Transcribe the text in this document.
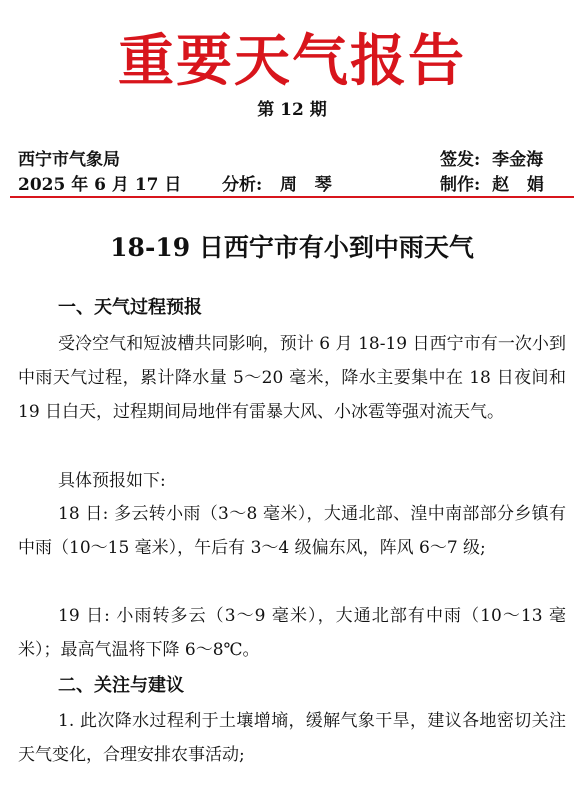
重要天气报告
第 12 期
西宁市气象局
2025 年 6 月 17 日 分析:   周   琴
签发:  李金海
制作:  赵   娟
18-19 日西宁市有小到中雨天气
一、天气过程预报

受冷空气和短波槽共同影响，预计 6 月 18-19 日西宁市有一次小到中雨天气过程，累计降水量 5～20 毫米，降水主要集中在 18 日夜间和 19 日白天，过程期间局地伴有雷暴大风、小冰雹等强对流天气。

具体预报如下:

18 日: 多云转小雨（3～8 毫米），大通北部、湟中南部部分乡镇有中雨（10～15 毫米），午后有 3～4 级偏东风，阵风 6～7 级;

19 日: 小雨转多云（3～9 毫米），大通北部有中雨（10～13 毫米）；最高气温将下降 6～8℃。

二、关注与建议

1. 此次降水过程利于土壤增墒，缓解气象干旱，建议各地密切关注天气变化，合理安排农事活动;
